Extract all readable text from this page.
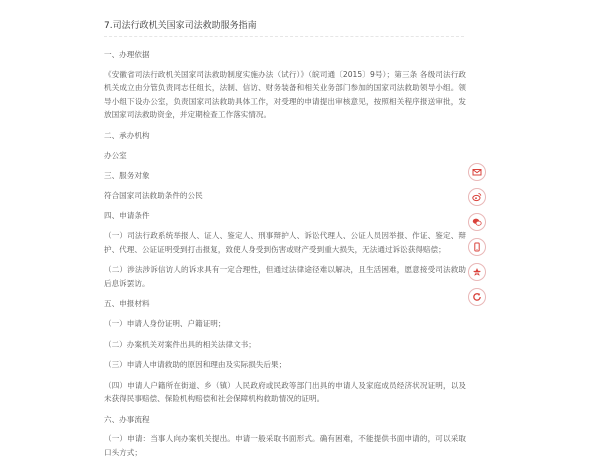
7.司法行政机关国家司法救助服务指南

一、办理依据

《安徽省司法行政机关国家司法救助制度实施办法（试行）》（皖司通〔2015〕9号）；第三条 各级司法行政机关成立由分管负责同志任组长，法制、信访、财务装备和相关业务部门参加的国家司法救助领导小组。领导小组下设办公室，负责国家司法救助具体工作，对受理的申请提出审核意见，按照相关程序报送审批，发放国家司法救助资金，并定期检查工作落实情况。

二、承办机构

办公室

三、服务对象

符合国家司法救助条件的公民

四、申请条件

（一）司法行政系统举报人、证人、鉴定人、刑事辩护人、诉讼代理人、公证人员因举报、作证、鉴定、辩护、代理、公证证明受到打击报复，致使人身受到伤害或财产受到重大损失，无法通过诉讼获得赔偿；

（二）涉法涉诉信访人的诉求具有一定合理性，但通过法律途径难以解决，且生活困难，愿意接受司法救助后息诉罢访。

五、申报材料

（一）申请人身份证明、户籍证明；

（二）办案机关对案件出具的相关法律文书；

（三）申请人申请救助的原因和理由及实际损失后果；

（四）申请人户籍所在街道、乡（镇）人民政府或民政等部门出具的申请人及家庭成员经济状况证明，以及未获得民事赔偿、保险机构赔偿和社会保障机构救助情况的证明。

六、办事流程

（一）申请：当事人向办案机关提出。申请一般采取书面形式。确有困难，不能提供书面申请的，可以采取口头方式；
